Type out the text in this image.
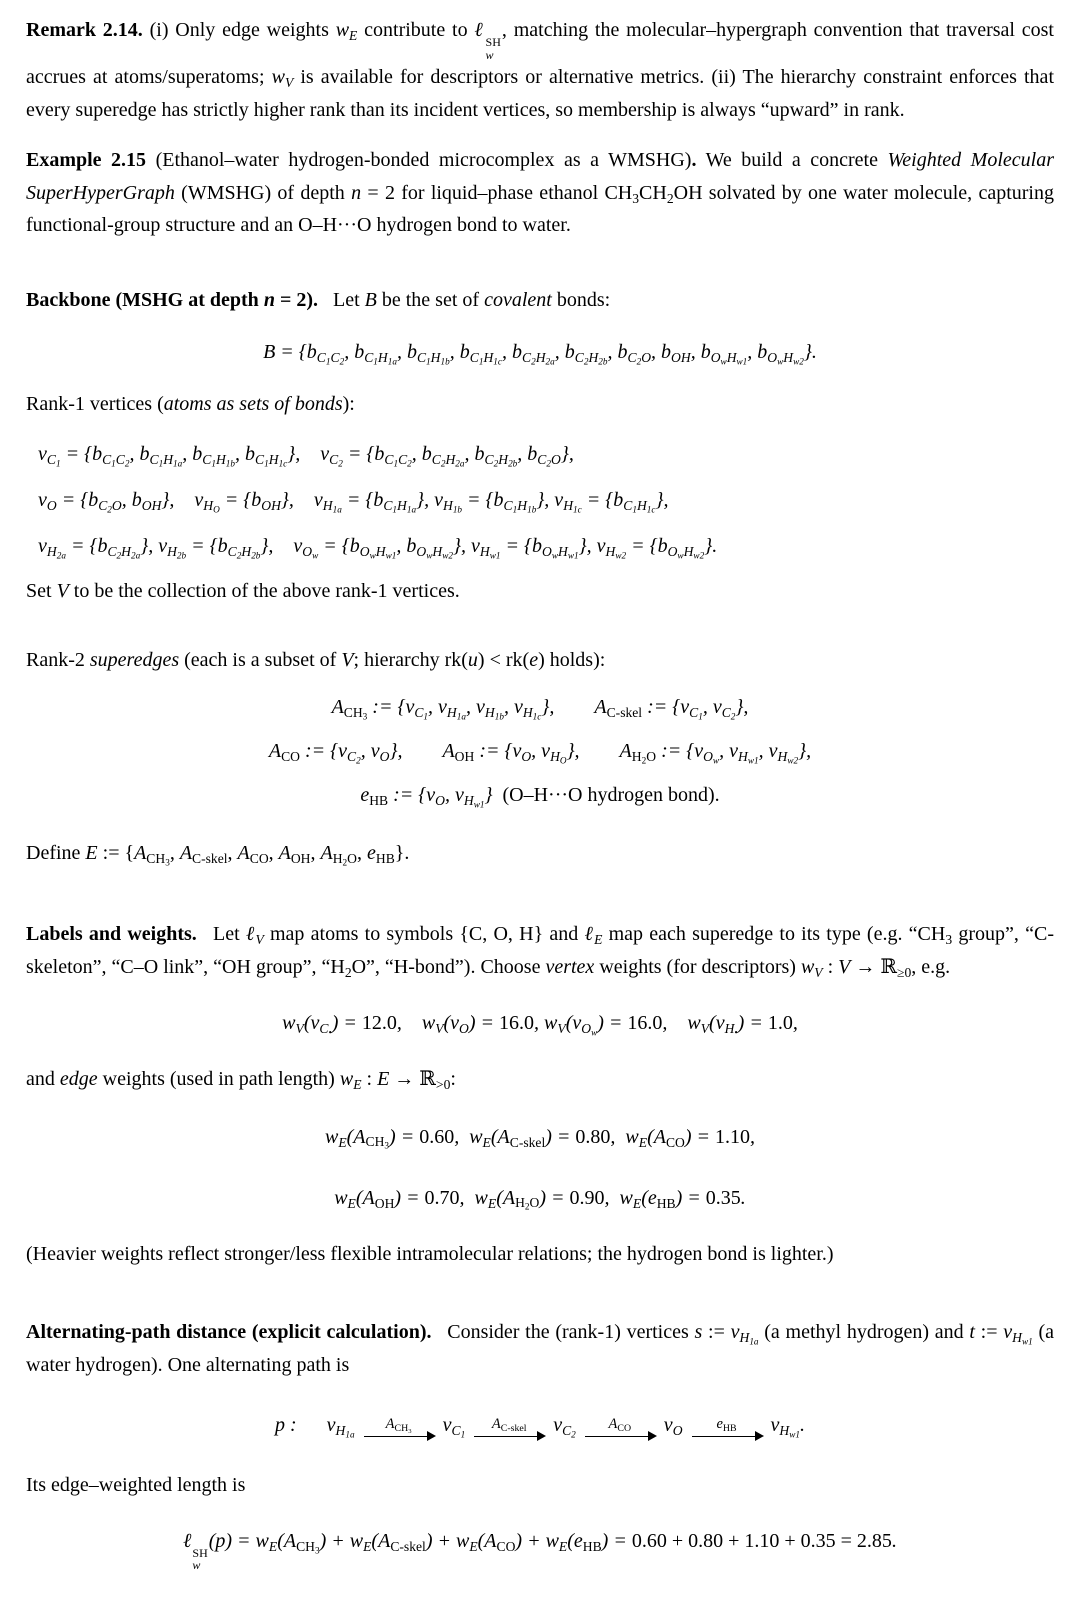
Remark 2.14. (i) Only edge weights $w_E$ contribute to ℓ
SH
w
, matching the molecular–hypergraph convention that traversal cost accrues at atoms/superatoms; $w_V$ is available for descriptors or alternative metrics. (ii) The hierarchy constraint enforces that every superedge has strictly higher rank than its incident vertices, so membership is always “upward” in rank.

Example 2.15 (Ethanol–water hydrogen-bonded microcomplex as a WMSHG). We build a concrete Weighted Molecular SuperHyperGraph (WMSHG) of depth n = 2 for liquid–phase ethanol $CH_3CH_2OH$ solvated by one water molecule, capturing functional-group structure and an O–H···O hydrogen bond to water.

Backbone (MSHG at depth n = 2).  Let B be the set of covalent bonds:

$B = \{b_{C_1C_2}$, $b_{C_1H_{1a}}$, $b_{C_1H_{1b}}$, $b_{C_1H_{1c}}$, $b_{C_2H_{2a}}$, $b_{C_2H_{2b}}$, $b_{C_2O}$, $b_{OH}$, $b_{O_wH_{w1}}$, $b_{O_wH_{w2}}$}.

Rank-1 vertices (atoms as sets of bonds):

$v_{C_1} = \{b_{C_1C_2}$, $b_{C_1H_{1a}}$, $b_{C_1H_{1b}}$, $b_{C_1H_{1c}}$}, $v_{C_2} = \{b_{C_1C_2}$, $b_{C_2H_{2a}}$, $b_{C_2H_{2b}}$, $b_{C_2O}$},
$v_O = \{b_{C_2O}$, $b_{OH}$}, $v_{H_O} = \{b_{OH}\}$, $v_{H_{1a}} = \{b_{C_1H_{1a}}\}$, $v_{H_{1b}} = \{b_{C_1H_{1b}}\}$, $v_{H_{1c}} = \{b_{C_1H_{1c}}\}$,
$v_{H_{2a}} = \{b_{C_2H_{2a}}\}$, $v_{H_{2b}} = \{b_{C_2H_{2b}}\}$, $v_{O_w} = \{b_{O_wH_{w1}}$, $b_{O_wH_{w2}}$}, $v_{H_{w1}} = \{b_{O_wH_{w1}}\}$, $v_{H_{w2}} = \{b_{O_wH_{w2}}\}$.

Set V to be the collection of the above rank-1 vertices.

Rank-2 superedges (each is a subset of V; hierarchy rk(u) < rk(e) holds):

$A_{CH_3}$ := {$v_{C_1}$, $v_{H_{1a}}$, $v_{H_{1b}}$, $v_{H_{1c}}$},  $A_{C-skel}$ := {$v_{C_1}$, $v_{C_2}$},
$A_{CO}$ := {$v_{C_2}$, $v_O$},  $A_{OH}$ := {$v_O$, $v_{H_O}$},  $A_{H_2O}$ := {$v_{O_w}$, $v_{H_{w1}}$, $v_{H_{w2}}$},
$e_{HB}$ := {$v_O$, $v_{H_{w1}}$} (O–H···O hydrogen bond).

Define E := {$A_{CH_3}$, $A_{C-skel}$, $A_{CO}$, $A_{OH}$, $A_{H_2O}$, $e_{HB}$}.

Labels and weights.  Let ℓ$_V$ map atoms to symbols {C, O, H} and ℓ$_E$ map each superedge to its type (e.g. “$CH_3$ group”, “C-skeleton”, “C–O link”, “OH group”, “$H_2O$”, “H-bond”). Choose vertex weights (for descriptors) $w_V$ : V → ℝ$_{\ge 0}$, e.g.

$w_V(v_{C_•}) = 12.0$, $w_V(v_O) = 16.0$, $w_V(v_{O_w}) = 16.0$, $w_V(v_{H_•}) = 1.0$,

and edge weights (used in path length) $w_E$ : E → ℝ$_{>0}$:

$w_E(A_{CH_3}) = 0.60$, $w_E(A_{C-skel}) = 0.80$, $w_E(A_{CO}) = 1.10$,
$w_E(A_{OH}) = 0.70$, $w_E(A_{H_2O}) = 0.90$, $w_E(e_{HB}) = 0.35$.

(Heavier weights reflect stronger/less flexible intramolecular relations; the hydrogen bond is lighter.)

Alternating-path distance (explicit calculation).  Consider the (rank-1) vertices s := $v_{H_{1a}}$ (a methyl hydrogen) and t := $v_{H_{w1}}$ (a water hydrogen). One alternating path is

p : $v_{H_{1a}}$
$A_{CH_3}$ $v_{C_1}$
$A_{C-skel}$ $v_{C_2}$
$A_{CO}$ $v_O$	$e_{HB}$ $v_{H_{w1}}$.

Its edge–weighted length is

ℓ
SH
w
$(p) = w_E(A_{CH_3}) + w_E(A_{C-skel}) + w_E(A_{CO}) + w_E(e_{HB}) = 0.60 + 0.80 + 1.10 + 0.35 = 2.85$.
